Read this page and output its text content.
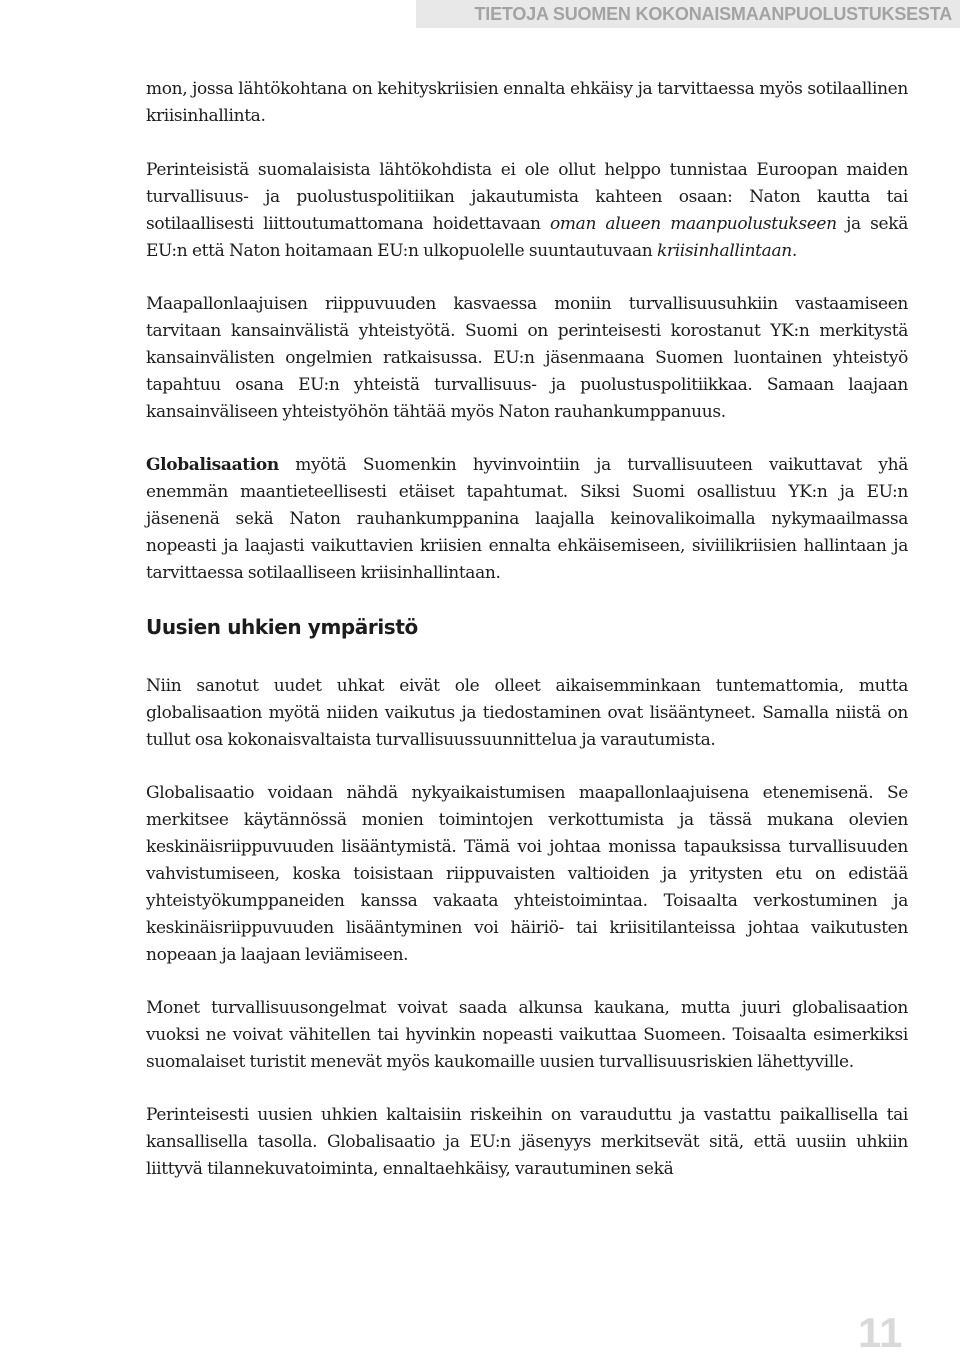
TIETOJA SUOMEN KOKONAISMAANPUOLUSTUKSESTA

mon, jossa lähtökohtana on kehityskriisien ennalta ehkäisy ja tarvittaessa myös sotilaallinen kriisinhallinta.

Perinteisistä suomalaisista lähtökohdista ei ole ollut helppo tunnistaa Euroopan maiden turvallisuus- ja puolustuspolitiikan jakautumista kahteen osaan: Naton kautta tai sotilaallisesti liittoutumattomana hoidettavaan oman alueen maanpuolustukseen ja sekä EU:n että Naton hoitamaan EU:n ulkopuolelle suuntautuvaan kriisinhallintaan.

Maapallonlaajuisen riippuvuuden kasvaessa moniin turvallisuusuhkiin vastaamiseen tarvitaan kansainvälistä yhteistyötä. Suomi on perinteisesti korostanut YK:n merkitystä kansainvälisten ongelmien ratkaisussa. EU:n jäsenmaana Suomen luontainen yhteistyö tapahtuu osana EU:n yhteistä turvallisuus- ja puolustuspolitiikkaa. Samaan laajaan kansainväliseen yhteistyöhön tähtää myös Naton rauhankumppanuus.

Globalisaation myötä Suomenkin hyvinvointiin ja turvallisuuteen vaikuttavat yhä enemmän maantieteellisesti etäiset tapahtumat. Siksi Suomi osallistuu YK:n ja EU:n jäsenenä sekä Naton rauhankumppanina laajalla keinovalikoimalla nykymaailmassa nopeasti ja laajasti vaikuttavien kriisien ennalta ehkäisemiseen, siviilikriisien hallintaan ja tarvittaessa sotilaalliseen kriisinhallintaan.

Uusien uhkien ympäristö

Niin sanotut uudet uhkat eivät ole olleet aikaisemminkaan tuntemattomia, mutta globalisaation myötä niiden vaikutus ja tiedostaminen ovat lisääntyneet. Samalla niistä on tullut osa kokonaisvaltaista turvallisuussuunnittelua ja varautumista.

Globalisaatio voidaan nähdä nykyaikaistumisen maapallonlaajuisena etenemisenä. Se merkitsee käytännössä monien toimintojen verkottumista ja tässä mukana olevien keskinäisriippuvuuden lisääntymistä. Tämä voi johtaa monissa tapauksissa turvallisuuden vahvistumiseen, koska toisistaan riippuvaisten valtioiden ja yritysten etu on edistää yhteistyökumppaneiden kanssa vakaata yhteistoimintaa. Toisaalta verkostuminen ja keskinäisriippuvuuden lisääntyminen voi häiriö- tai kriisitilanteissa johtaa vaikutusten nopeaan ja laajaan leviämiseen.

Monet turvallisuusongelmat voivat saada alkunsa kaukana, mutta juuri globalisaation vuoksi ne voivat vähitellen tai hyvinkin nopeasti vaikuttaa Suomeen. Toisaalta esimerkiksi suomalaiset turistit menevät myös kaukomaille uusien turvallisuusriskien lähettyville.

Perinteisesti uusien uhkien kaltaisiin riskeihin on varauduttu ja vastattu paikallisella tai kansallisella tasolla. Globalisaatio ja EU:n jäsenyys merkitsevät sitä, että uusiin uhkiin liittyvä tilannekuvatoiminta, ennaltaehkäisy, varautuminen sekä

11
